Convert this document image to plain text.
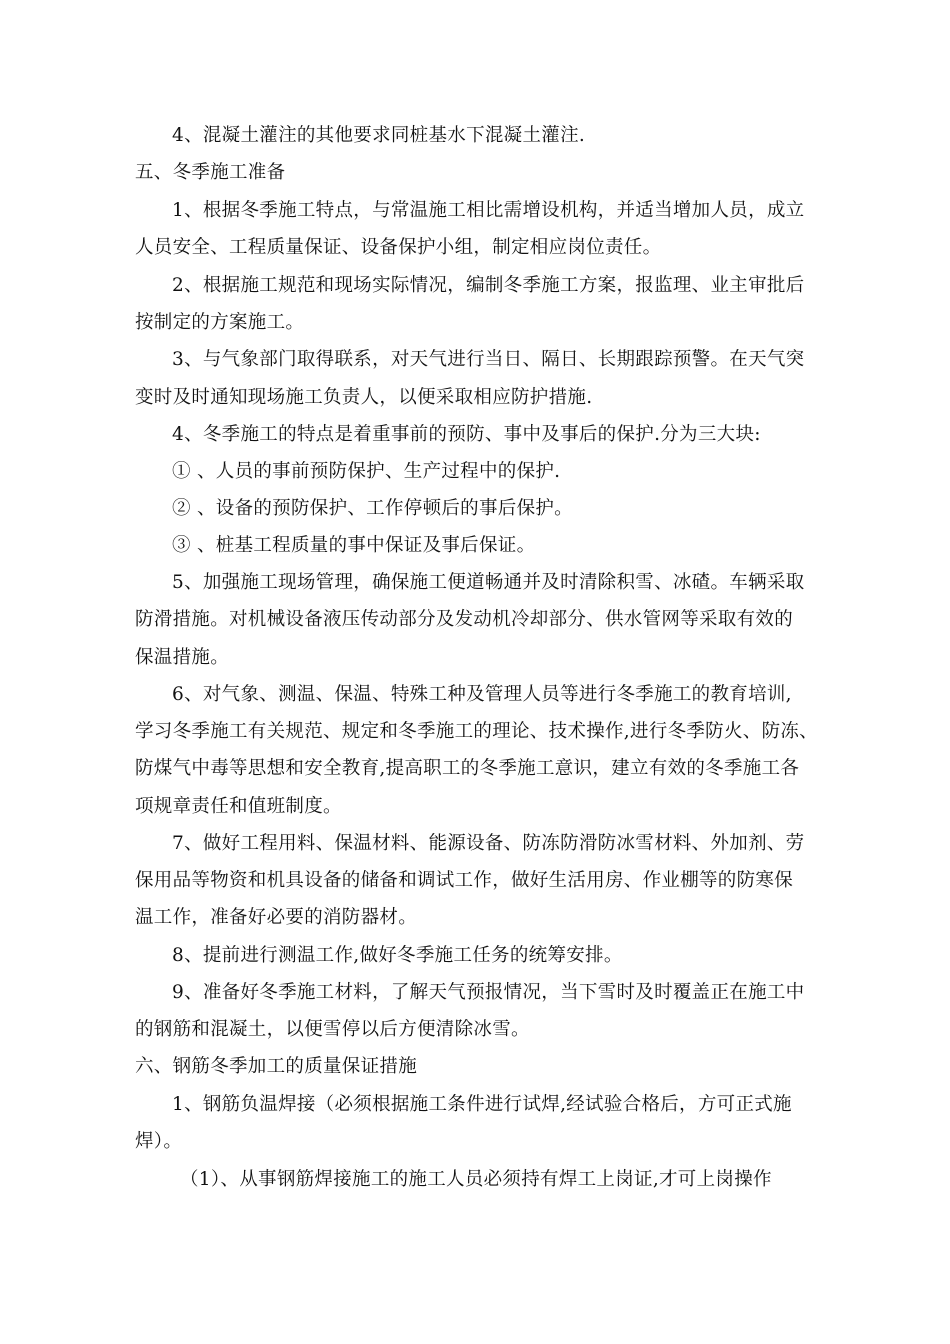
4、混凝土灌注的其他要求同桩基水下混凝土灌注.
五、冬季施工准备
1、根据冬季施工特点，与常温施工相比需增设机构，并适当增加人员，成立
人员安全、工程质量保证、设备保护小组，制定相应岗位责任。
2、根据施工规范和现场实际情况，编制冬季施工方案，报监理、业主审批后
按制定的方案施工。
3、与气象部门取得联系，对天气进行当日、隔日、长期跟踪预警。在天气突
变时及时通知现场施工负责人，以便采取相应防护措施.
4、冬季施工的特点是着重事前的预防、事中及事后的保护.分为三大块:
① 、人员的事前预防保护、生产过程中的保护.
② 、设备的预防保护、工作停顿后的事后保护。
③ 、桩基工程质量的事中保证及事后保证。
5、加强施工现场管理，确保施工便道畅通并及时清除积雪、冰碴。车辆采取
防滑措施。对机械设备液压传动部分及发动机冷却部分、供水管网等采取有效的
保温措施。
6、对气象、测温、保温、特殊工种及管理人员等进行冬季施工的教育培训,
学习冬季施工有关规范、规定和冬季施工的理论、技术操作,进行冬季防火、防冻、
防煤气中毒等思想和安全教育,提高职工的冬季施工意识，建立有效的冬季施工各
项规章责任和值班制度。
7、做好工程用料、保温材料、能源设备、防冻防滑防冰雪材料、外加剂、劳
保用品等物资和机具设备的储备和调试工作，做好生活用房、作业棚等的防寒保
温工作，准备好必要的消防器材。
8、提前进行测温工作,做好冬季施工任务的统筹安排。
9、准备好冬季施工材料，了解天气预报情况，当下雪时及时覆盖正在施工中
的钢筋和混凝土，以便雪停以后方便清除冰雪。
六、钢筋冬季加工的质量保证措施
1、钢筋负温焊接（必须根据施工条件进行试焊,经试验合格后，方可正式施
焊）。
（1）、从事钢筋焊接施工的施工人员必须持有焊工上岗证,才可上岗操作
